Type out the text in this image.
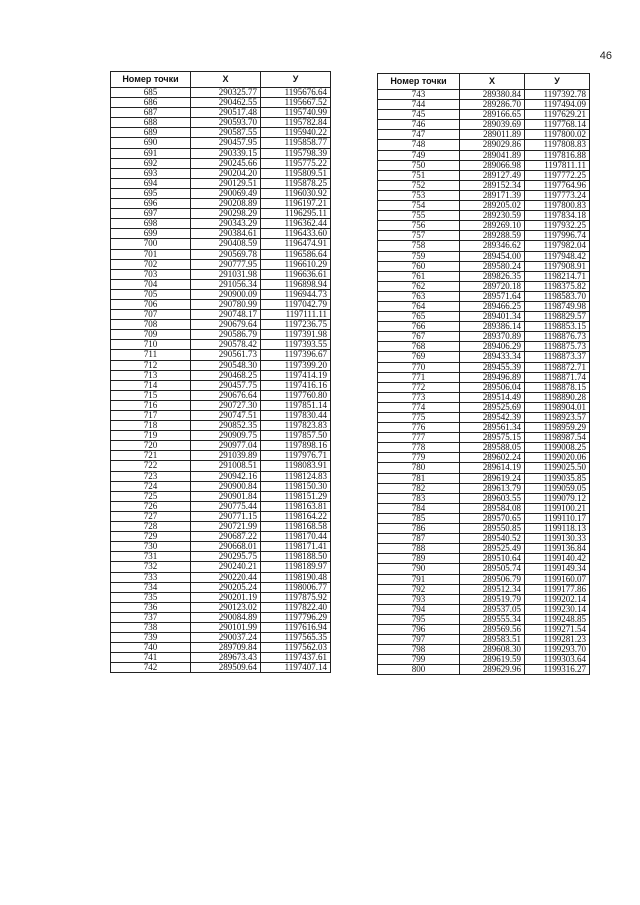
46
Номер точки	X	У
685	290325.77	1195676.64
686	290462.55	1195667.52
687	290517.48	1195740.99
688	290593.70	1195782.84
689	290587.55	1195940.22
690	290457.95	1195858.77
691	290339.15	1195798.39
692	290245.66	1195775.22
693	290204.20	1195809.51
694	290129.51	1195878.25
695	290069.49	1196030.92
696	290208.89	1196197.21
697	290298.29	1196295.11
698	290343.29	1196362.44
699	290384.61	1196433.60
700	290408.59	1196474.91
701	290569.78	1196586.64
702	290777.95	1196610.29
703	291031.98	1196636.61
704	291056.34	1196898.94
705	290900.09	1196944.73
706	290780.99	1197042.79
707	290748.17	1197111.11
708	290679.64	1197236.75
709	290586.79	1197391.98
710	290578.42	1197393.55
711	290561.73	1197396.67
712	290548.30	1197399.20
713	290468.25	1197414.19
714	290457.75	1197416.16
715	290676.64	1197760.80
716	290727.30	1197851.14
717	290747.51	1197830.44
718	290852.35	1197823.83
719	290909.75	1197857.50
720	290977.04	1197898.16
721	291039.89	1197976.71
722	291008.51	1198083.91
723	290942.16	1198124.83
724	290900.84	1198150.30
725	290901.84	1198151.29
726	290775.44	1198163.81
727	290771.15	1198164.22
728	290721.99	1198168.58
729	290687.22	1198170.44
730	290668.01	1198171.41
731	290295.75	1198188.50
732	290240.21	1198189.97
733	290220.44	1198190.48
734	290205.24	1198006.77
735	290201.19	1197875.92
736	290123.02	1197822.40
737	290084.89	1197796.29
738	290101.99	1197616.94
739	290037.24	1197565.35
740	289709.84	1197562.03
741	289673.43	1197437.61
742	289509.64	1197407.14
Номер точки	X	У
743	289380.84	1197392.78
744	289286.70	1197494.09
745	289166.65	1197629.21
746	289039.69	1197768.14
747	289011.89	1197800.02
748	289029.86	1197808.83
749	289041.89	1197816.88
750	289066.98	1197811.11
751	289127.49	1197772.25
752	289152.34	1197764.96
753	289171.39	1197773.24
754	289205.02	1197800.83
755	289230.59	1197834.18
756	289269.10	1197932.25
757	289288.59	1197996.74
758	289346.62	1197982.04
759	289454.00	1197948.42
760	289580.24	1197908.91
761	289826.35	1198214.71
762	289720.18	1198375.82
763	289571.64	1198583.70
764	289466.25	1198749.98
765	289401.34	1198829.57
766	289386.14	1198853.15
767	289370.89	1198876.73
768	289406.29	1198875.73
769	289433.34	1198873.37
770	289455.39	1198872.71
771	289496.89	1198871.74
772	289506.04	1198878.15
773	289514.49	1198890.28
774	289525.69	1198904.01
775	289542.39	1198923.57
776	289561.34	1198959.29
777	289575.15	1198987.54
778	289588.05	1199008.25
779	289602.24	1199020.06
780	289614.19	1199025.50
781	289619.24	1199035.85
782	289613.79	1199059.05
783	289603.55	1199079.12
784	289584.08	1199100.21
785	289570.65	1199110.17
786	289550.85	1199118.13
787	289540.52	1199130.33
788	289525.49	1199136.84
789	289510.64	1199140.42
790	289505.74	1199149.34
791	289506.79	1199160.07
792	289512.34	1199177.86
793	289519.79	1199202.14
794	289537.05	1199230.14
795	289555.34	1199248.85
796	289569.56	1199271.54
797	289583.51	1199281.23
798	289608.30	1199293.70
799	289619.59	1199303.64
800	289629.96	1199316.27
